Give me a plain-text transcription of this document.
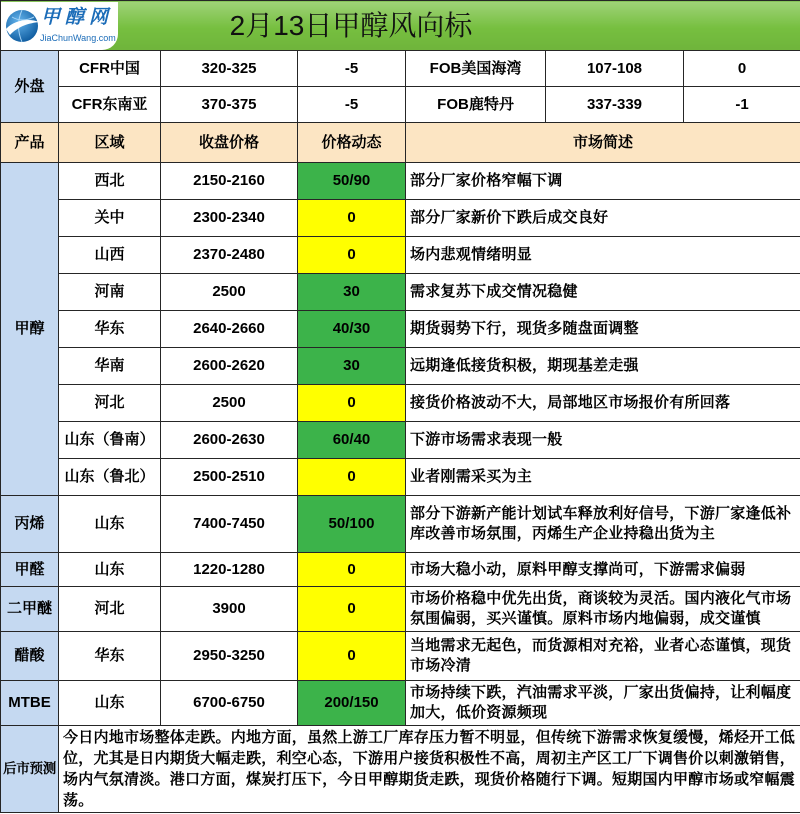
甲醇网
JiaChunWang.com 2月13日甲醇风向标						

外盘	CFR中国	320-325	-5	FOB美国海湾	107-108	0
	CFR东南亚	370-375	-5	FOB鹿特丹	337-339	-1
产品	区域	收盘价格	价格动态	市场简述		
甲醇	西北	2150-2160	50/90	部分厂家价格窄幅下调		
	关中	2300-2340	0	部分厂家新价下跌后成交良好		
	山西	2370-2480	0	场内悲观情绪明显		
	河南	2500	30	需求复苏下成交情况稳健		
	华东	2640-2660	40/30	期货弱势下行，现货多随盘面调整		
	华南	2600-2620	30	远期逢低接货积极，期现基差走强		
	河北	2500	0	接货价格波动不大，局部地区市场报价有所回落		
	山东（鲁南）	2600-2630	60/40	下游市场需求表现一般		
	山东（鲁北）	2500-2510	0	业者刚需采买为主		
丙烯	山东	7400-7450	50/100	部分下游新产能计划试车释放利好信号，下游厂家逢低补库改善市场氛围，丙烯生产企业持稳出货为主		
甲醛	山东	1220-1280	0	市场大稳小动，原料甲醇支撑尚可，下游需求偏弱		
二甲醚	河北	3900	0	市场价格稳中优先出货，商谈较为灵活。国内液化气市场氛围偏弱，买兴谨慎。原料市场内地偏弱，成交谨慎		
醋酸	华东	2950-3250	0	当地需求无起色，而货源相对充裕，业者心态谨慎，现货市场冷清		
MTBE	山东	6700-6750	200/150	市场持续下跌，汽油需求平淡，厂家出货偏持，让利幅度加大，低价资源频现		
后市预测	今日内地市场整体走跌。内地方面，虽然上游工厂库存压力暂不明显，但传统下游需求恢复缓慢，烯烃开工低位，尤其是日内期货大幅走跌，利空心态，下游用户接货积极性不高，周初主产区工厂下调售价以刺激销售，场内气氛清淡。港口方面，煤炭打压下，今日甲醇期货走跌，现货价格随行下调。短期国内甲醇市场或窄幅震荡。					
